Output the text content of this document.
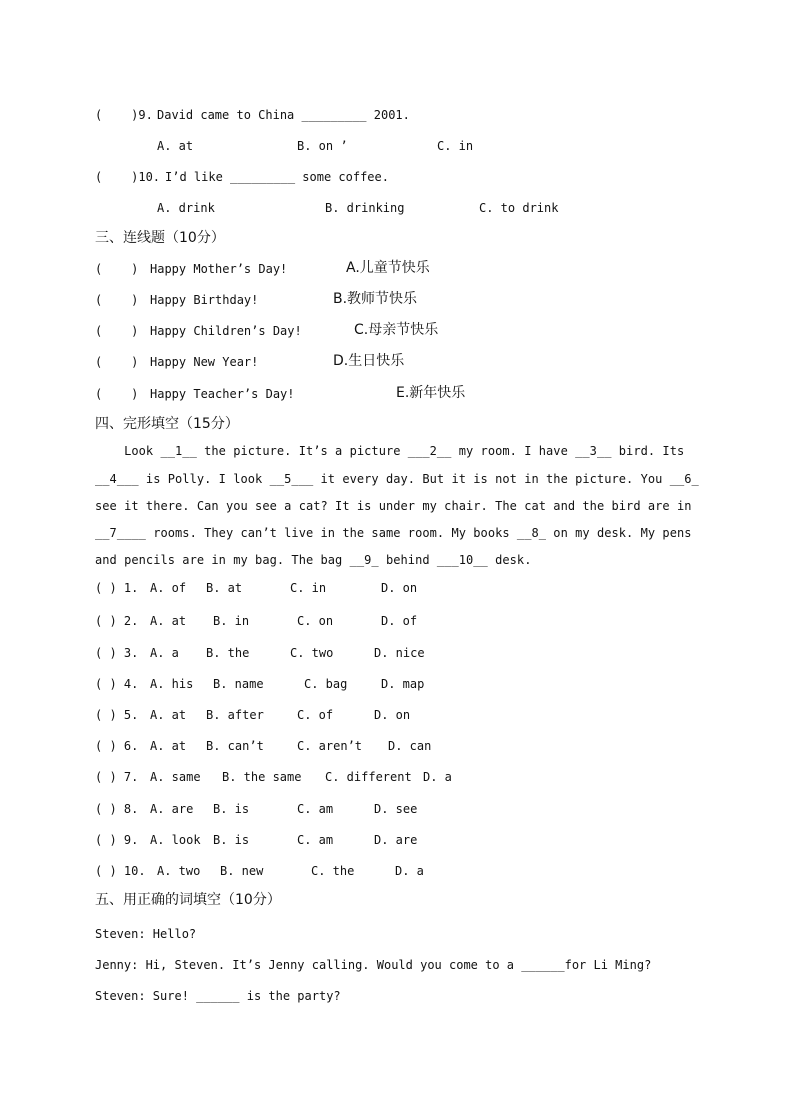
(    )9. David came to China _________ 2001.
A. at	B. on ’	C. in
(    )10. I’d like _________ some coffee.
A. drink	B. drinking	C. to drink
三、连线题（10分）
(    ) Happy Mother’s Day!	A.儿童节快乐
(    ) Happy Birthday!	B.教师节快乐
(    ) Happy Children’s Day!	C.母亲节快乐
(    ) Happy New Year!	D.生日快乐
(    ) Happy Teacher’s Day!	E.新年快乐
四、完形填空（15分）
Look __1__ the picture. It’s a picture ___2__ my room. I have __3__ bird. Its
__4___ is Polly. I look __5___ it every day. But it is not in the picture. You __6_
see it there. Can you see a cat? It is under my chair. The cat and the bird are in
__7____ rooms. They can’t live in the same room. My books __8_ on my desk. My pens
and pencils are in my bag. The bag __9_ behind ___10__ desk.
( ) 1. A. of B. at	C. in	D. on
( ) 2. A. at B. in	C. on	D. of
( ) 3. A. a B. the	C. two	D. nice
( ) 4. A. his B. name	C. bag	D. map
( ) 5. A. at B. after	C. of	D. on
( ) 6. A. at B. can’t	C. aren’t D. can
( ) 7. A. same B. the same C. different D. a
( ) 8. A. are B. is	C. am	D. see
( ) 9. A. look B. is	C. am	D. are
( ) 10. A. two B. new	C. the	D. a
五、用正确的词填空（10分）
Steven: Hello?
Jenny: Hi, Steven. It’s Jenny calling. Would you come to a ______for Li Ming?
Steven: Sure! ______ is the party?
